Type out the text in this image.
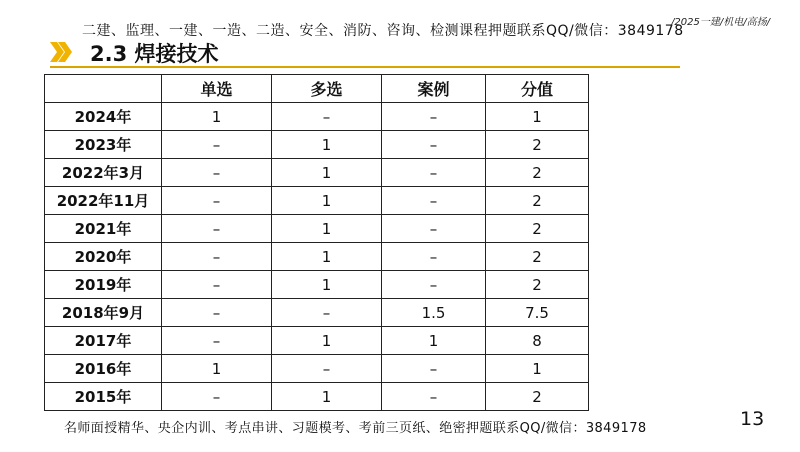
二建、监理、一建、一造、二造、安全、消防、咨询、检测课程押题联系QQ/微信：3849178
/2025一建/机电/高扬/
2.3 焊接技术
	单选	多选	案例	分值
2024年	1	–	–	1
2023年	–	1	–	2
2022年3月	–	1	–	2
2022年11月	–	1	–	2
2021年	–	1	–	2
2020年	–	1	–	2
2019年	–	1	–	2
2018年9月	–	–	1.5	7.5
2017年	–	1	1	8
2016年	1	–	–	1
2015年	–	1	–	2
名师面授精华、央企内训、考点串讲、习题模考、考前三页纸、绝密押题联系QQ/微信：3849178	13
